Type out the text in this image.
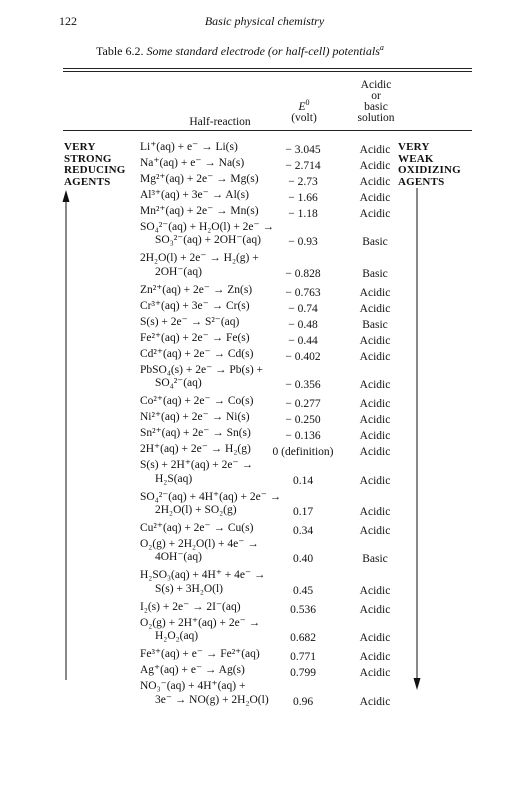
122	Basic physical chemistry
Table 6.2. Some standard electrode (or half-cell) potentials$^a$
Acidic
or
basic
solution
$E^0$
(volt)
Half-reaction
VERY
STRONG
REDUCING
AGENTS
VERY
WEAK
OXIDIZING
AGENTS
Li⁺(aq) + e⁻ → Li(s)	− 3.045	Acidic
Na⁺(aq) + e⁻ → Na(s)	− 2.714	Acidic
Mg²⁺(aq) + 2e⁻ → Mg(s)	− 2.73	Acidic
Al³⁺(aq) + 3e⁻ → Al(s)	− 1.66	Acidic
Mn²⁺(aq) + 2e⁻ → Mn(s)	− 1.18	Acidic
SO₄²⁻(aq) + H₂O(l) + 2e⁻ →
SO₃²⁻(aq) + 2OH⁻(aq)	− 0.93	Basic
2H₂O(l) + 2e⁻ → H₂(g) +
2OH⁻(aq)	− 0.828	Basic
Zn²⁺(aq) + 2e⁻ → Zn(s)	− 0.763	Acidic
Cr³⁺(aq) + 3e⁻ → Cr(s)	− 0.74	Acidic
S(s) + 2e⁻ → S²⁻(aq)	− 0.48	Basic
Fe²⁺(aq) + 2e⁻ → Fe(s)	− 0.44	Acidic
Cd²⁺(aq) + 2e⁻ → Cd(s)	− 0.402	Acidic
PbSO₄(s) + 2e⁻ → Pb(s) +
SO₄²⁻(aq)	− 0.356	Acidic
Co²⁺(aq) + 2e⁻ → Co(s)	− 0.277	Acidic
Ni²⁺(aq) + 2e⁻ → Ni(s)	− 0.250	Acidic
Sn²⁺(aq) + 2e⁻ → Sn(s)	− 0.136	Acidic
2H⁺(aq) + 2e⁻ → H₂(g) 0 (definition)	Acidic
S(s) + 2H⁺(aq) + 2e⁻ →
H₂S(aq)	0.14	Acidic
SO₄²⁻(aq) + 4H⁺(aq) + 2e⁻ →
2H₂O(l) + SO₂(g)	0.17	Acidic
Cu²⁺(aq) + 2e⁻ → Cu(s)	0.34	Acidic
O₂(g) + 2H₂O(l) + 4e⁻ →
4OH⁻(aq)	0.40	Basic
H₂SO₃(aq) + 4H⁺ + 4e⁻ →
S(s) + 3H₂O(l)	0.45	Acidic
I₂(s) + 2e⁻ → 2I⁻(aq)	0.536	Acidic
O₂(g) + 2H⁺(aq) + 2e⁻ →
H₂O₂(aq)	0.682	Acidic
Fe³⁺(aq) + e⁻ → Fe²⁺(aq)	0.771	Acidic
Ag⁺(aq) + e⁻ → Ag(s)	0.799	Acidic
NO₃⁻(aq) + 4H⁺(aq) +
3e⁻ → NO(g) + 2H₂O(l)	0.96	Acidic
